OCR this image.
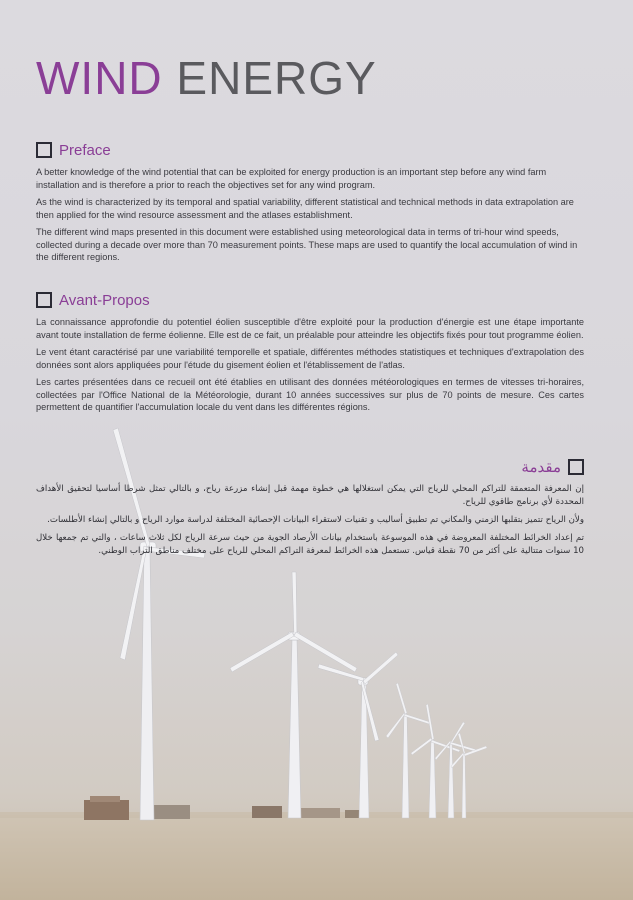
WIND ENERGY
Preface

A better knowledge of the wind potential that can be exploited for energy production is an important step before any wind farm installation and is therefore a prior to reach the objectives set for any wind program.

As the wind is characterized by its temporal and spatial variability, different statistical and technical methods in data extrapolation are then applied for the wind resource assessment and the atlases establishment.

The different wind maps presented in this document were established using meteorological data in terms of tri-hour wind speeds, collected during a decade over more than 70 measurement points. These maps are used to quantify the local accumulation of wind in the different regions.

Avant-Propos

La connaissance approfondie du potentiel éolien susceptible d'être exploité pour la production d'énergie est une étape importante avant toute installation de ferme éolienne. Elle est de ce fait, un préalable pour atteindre les objectifs fixés pour tout programme éolien.

Le vent étant caractérisé par une variabilité temporelle et spatiale, différentes méthodes statistiques et techniques d'extrapolation des données sont alors appliquées pour l'étude du gisement éolien et l'établissement de l'atlas.

Les cartes présentées dans ce recueil ont été établies en utilisant des données météorologiques en termes de vitesses tri-horaires, collectées par l'Office National de la Météorologie, durant 10 années successives sur plus de 70 points de mesure. Ces cartes permettent de quantifier l'accumulation locale du vent dans les différentes régions.

مقدمة

إن المعرفة المتعمقة للتراكم المحلي للرياح التي يمكن استغلالها هي خطوة مهمة قبل إنشاء مزرعة رياح، و بالتالي تمثل شرطا أساسيا لتحقيق الأهداف المحددة لأي برنامج طاقوي للرياح.

ولأن الرياح تتميز بتقلبها الزمني والمكاني تم تطبيق أساليب و تقنيات لاستقراء البيانات الإحصائية المختلفة لدراسة موارد الرياح و بالتالي إنشاء الأطلسات.

تم إعداد الخرائط المختلفة المعروضة في هذه الموسوعة باستخدام بيانات الأرصاد الجوية من حيث سرعة الرياح لكل ثلاث ساعات ، والتي تم جمعها خلال 10 سنوات متتالية على أكثر من 70 نقطة قياس. تستعمل هذه الخرائط لمعرفة التراكم المحلي للرياح على مختلف مناطق التراب الوطني.
